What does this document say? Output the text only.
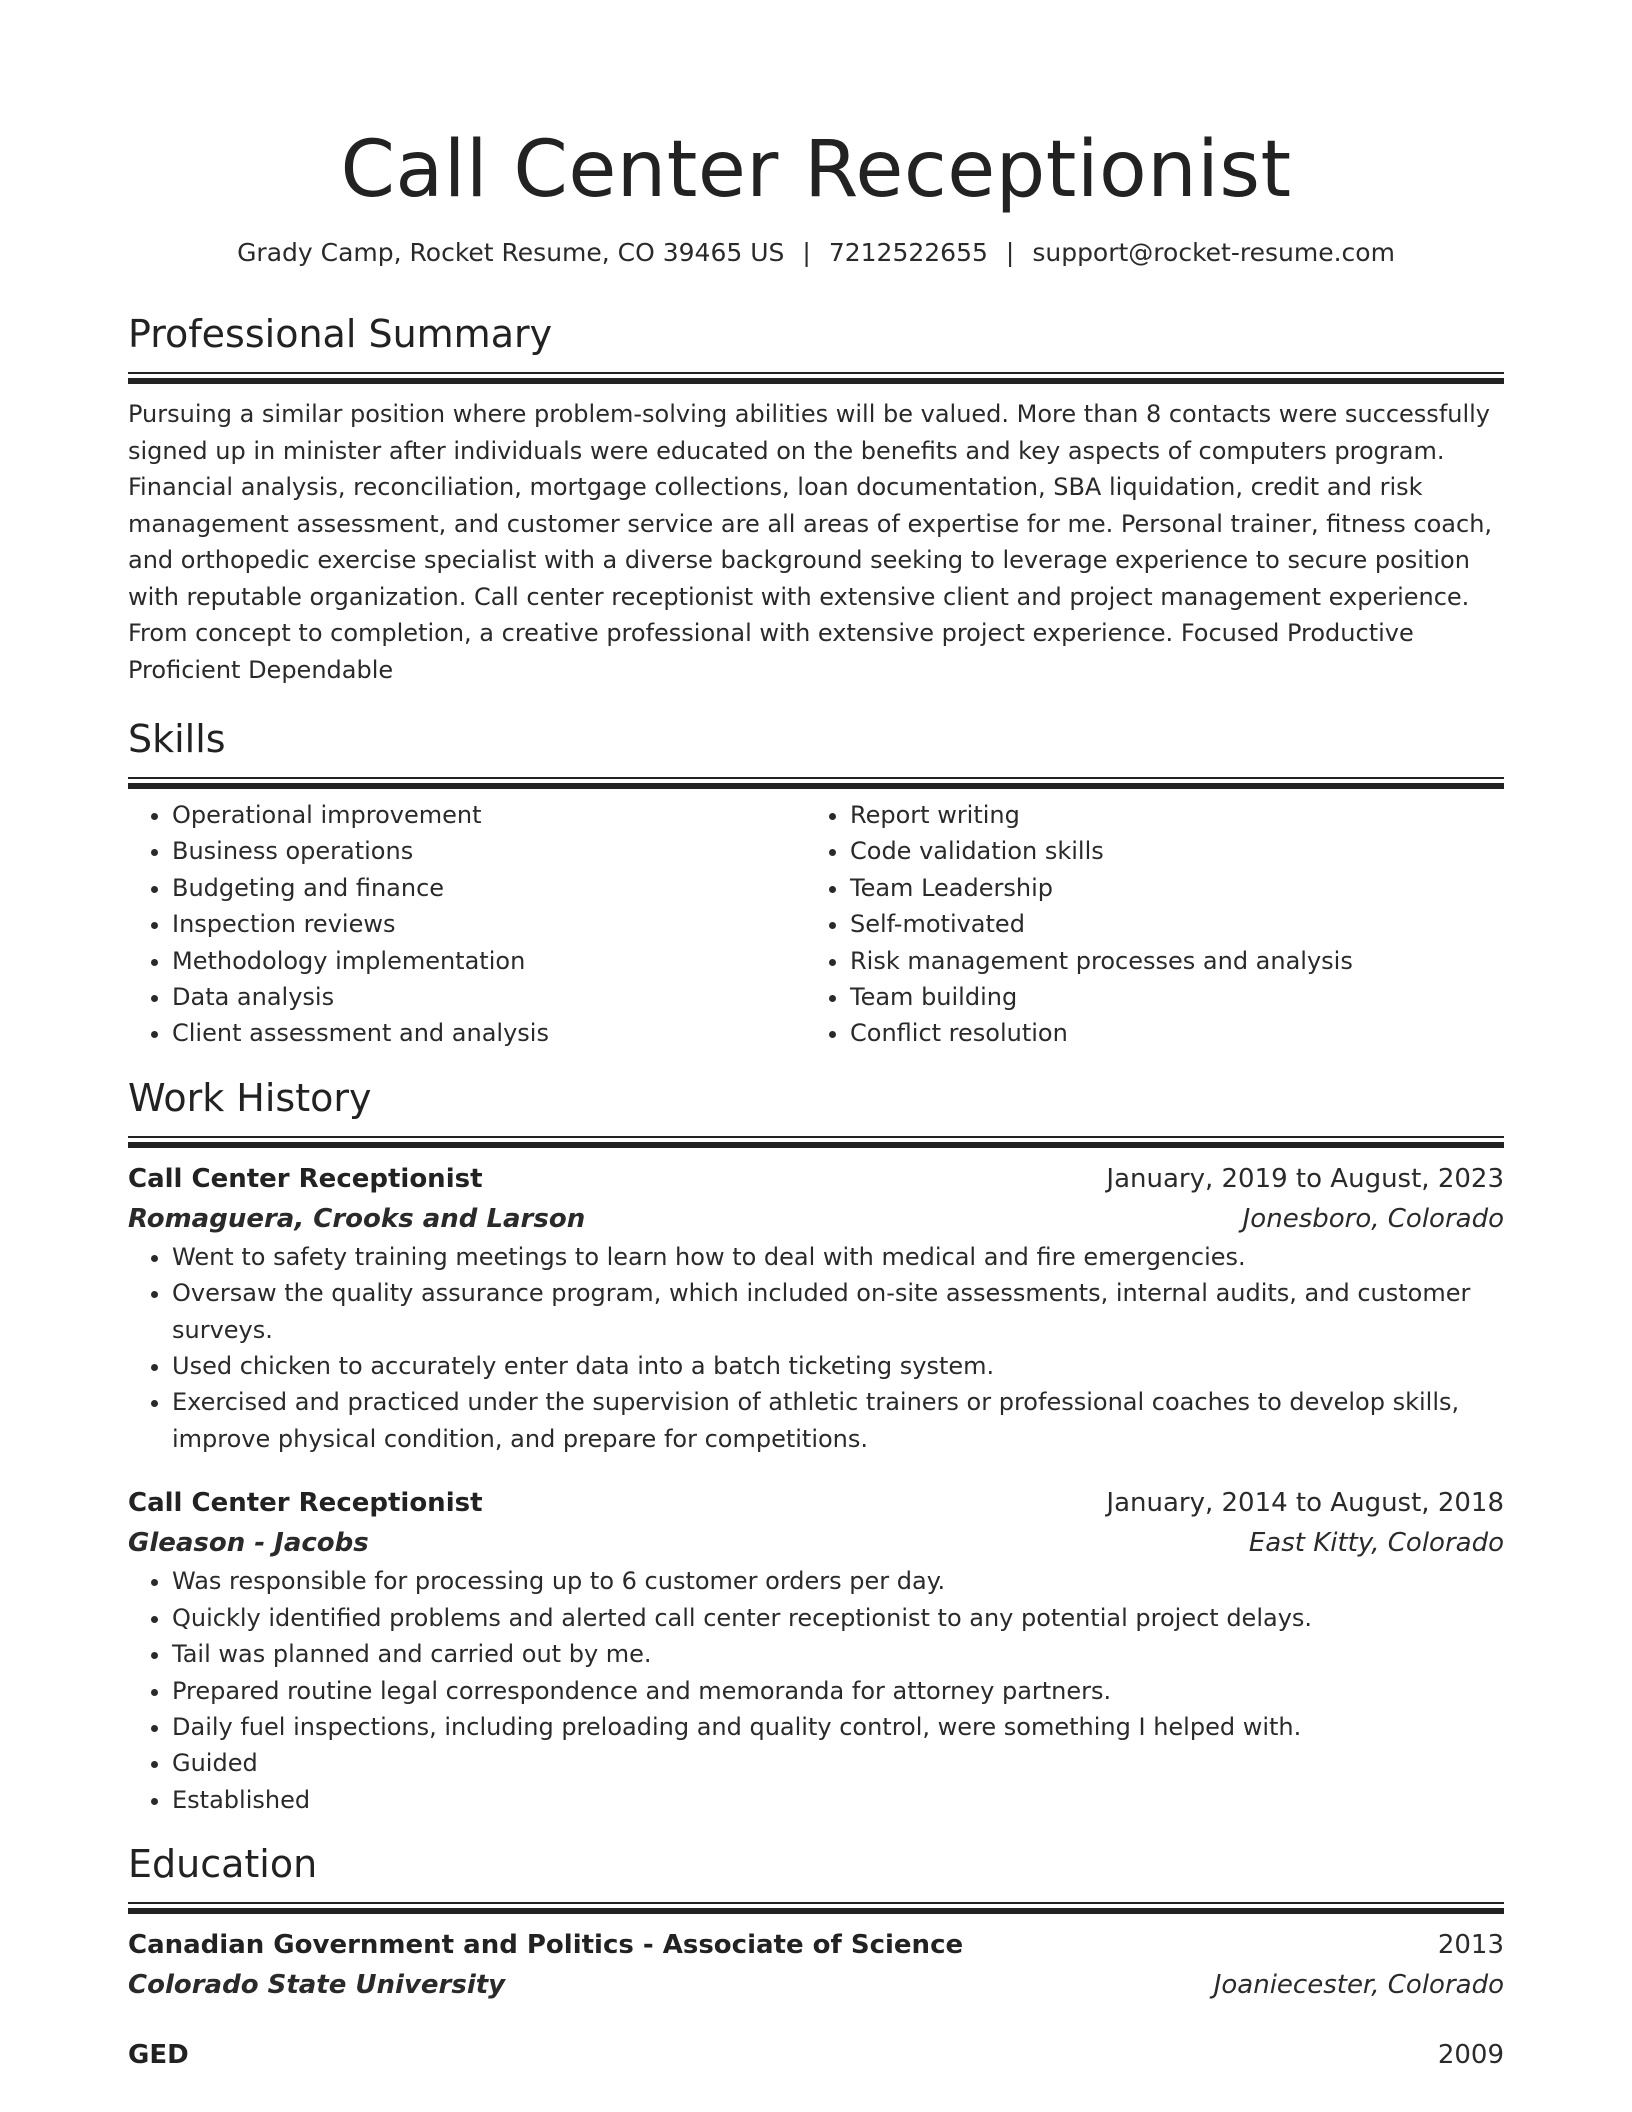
Call Center Receptionist
Grady Camp, Rocket Resume, CO 39465 US | 7212522655 | support@rocket-resume.com
Professional Summary
Pursuing a similar position where problem-solving abilities will be valued. More than 8 contacts were successfully signed up in minister after individuals were educated on the benefits and key aspects of computers program. Financial analysis, reconciliation, mortgage collections, loan documentation, SBA liquidation, credit and risk management assessment, and customer service are all areas of expertise for me. Personal trainer, fitness coach, and orthopedic exercise specialist with a diverse background seeking to leverage experience to secure position with reputable organization. Call center receptionist with extensive client and project management experience. From concept to completion, a creative professional with extensive project experience. Focused Productive Proficient Dependable
Skills
• Operational improvement
• Business operations
• Budgeting and finance
• Inspection reviews
• Methodology implementation
• Data analysis
• Client assessment and analysis
• Report writing
• Code validation skills
• Team Leadership
• Self-motivated
• Risk management processes and analysis
• Team building
• Conflict resolution
Work History
Call Center Receptionist	January, 2019 to August, 2023
Romaguera, Crooks and Larson	Jonesboro, Colorado
• Went to safety training meetings to learn how to deal with medical and fire emergencies.
• Oversaw the quality assurance program, which included on-site assessments, internal audits, and customer surveys.
• Used chicken to accurately enter data into a batch ticketing system.
• Exercised and practiced under the supervision of athletic trainers or professional coaches to develop skills, improve physical condition, and prepare for competitions.
Call Center Receptionist	January, 2014 to August, 2018
Gleason - Jacobs	East Kitty, Colorado
• Was responsible for processing up to 6 customer orders per day.
• Quickly identified problems and alerted call center receptionist to any potential project delays.
• Tail was planned and carried out by me.
• Prepared routine legal correspondence and memoranda for attorney partners.
• Daily fuel inspections, including preloading and quality control, were something I helped with.
• Guided
• Established
Education
Canadian Government and Politics - Associate of Science	2013
Colorado State University	Joaniecester, Colorado
GED	2009
